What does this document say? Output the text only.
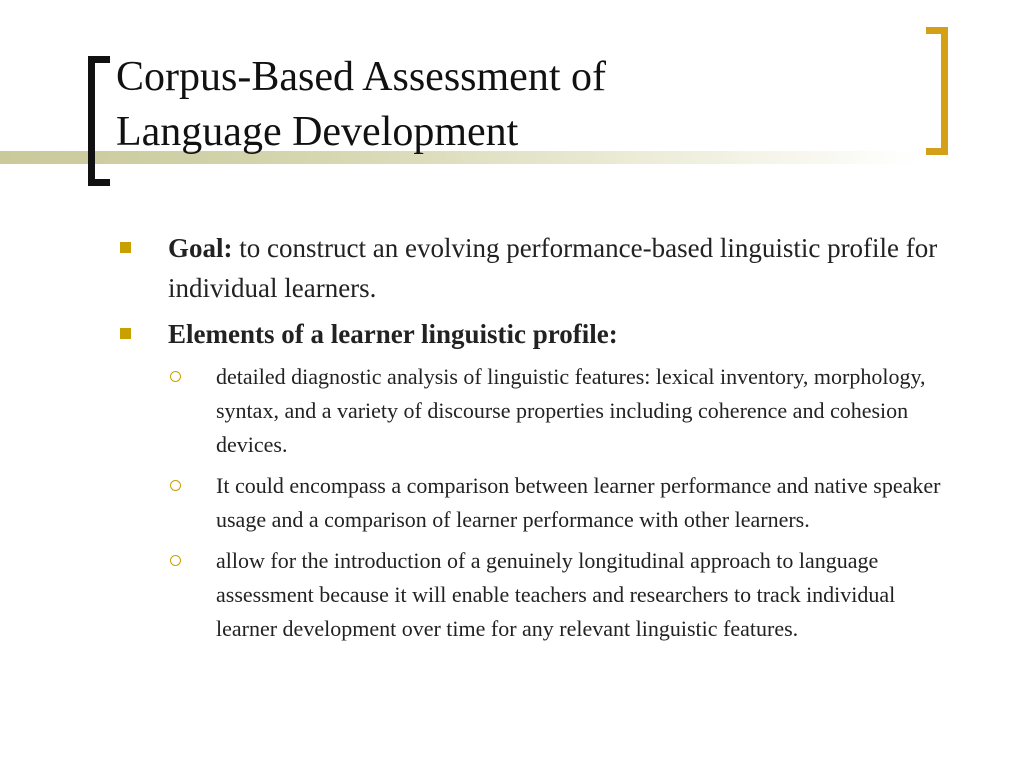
Corpus-Based Assessment of
Language Development
Goal: to construct an evolving performance-based linguistic profile for individual learners.
Elements of a learner linguistic profile:
detailed diagnostic analysis of linguistic features: lexical inventory, morphology, syntax, and a variety of discourse properties including coherence and cohesion devices.
It could encompass a comparison between learner performance and native speaker usage and a comparison of learner performance with other learners.
allow for the introduction of a genuinely longitudinal approach to language assessment because it will enable teachers and researchers to track individual learner development over time for any relevant linguistic features.
